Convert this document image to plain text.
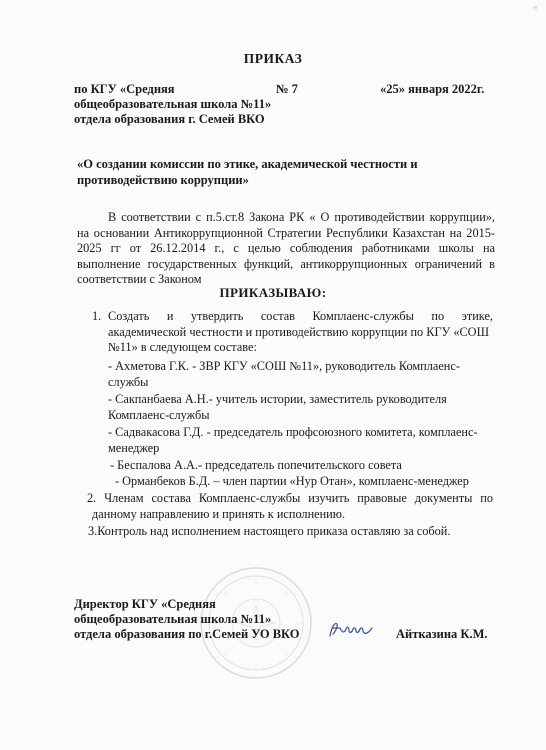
≡
ПРИКАЗ
по КГУ «Средняя
общеобразовательная школа №11»
отдела образования г. Семей ВКО
№ 7	«25» января 2022г.
«О создании комиссии по этике, академической честности и противодействию коррупции»
В соответствии с п.5.ст.8 Закона РК « О противодействии коррупции»,
на основании Антикоррупционной Стратегии Республики Казахстан на 2015-
2025 гг от 26.12.2014 г., с целью соблюдения работниками школы на
выполнение государственных функций, антикоррупционных ограничений в
соответствии с Законом
ПРИКАЗЫВАЮ:
1. Создать и утвердить состав Комплаенс-службы по этике,
академической честности и противодействию коррупции по КГУ «СОШ
№11» в следующем составе:
- Ахметова Г.К. - ЗВР КГУ «СОШ №11», руководитель Комплаенс-
службы
- Сакпанбаева А.Н.- учитель истории, заместитель руководителя
Комплаенс-службы
- Садвакасова Г.Д. - председатель профсоюзного комитета, комплаенс-
менеджер
- Беспалова А.А.- председатель попечительского совета
- Орманбеков Б.Д. – член партии «Нур Отан», комплаенс-менеджер
2. Членам состава Комплаенс-службы изучить правовые документы по
данному направлению и принять к исполнению.
3.Контроль над исполнением настоящего приказа оставляю за собой.
Директор КГУ «Средняя
общеобразовательная школа №11»
отдела образования по г.Семей УО ВКО	Айтказина К.М.
